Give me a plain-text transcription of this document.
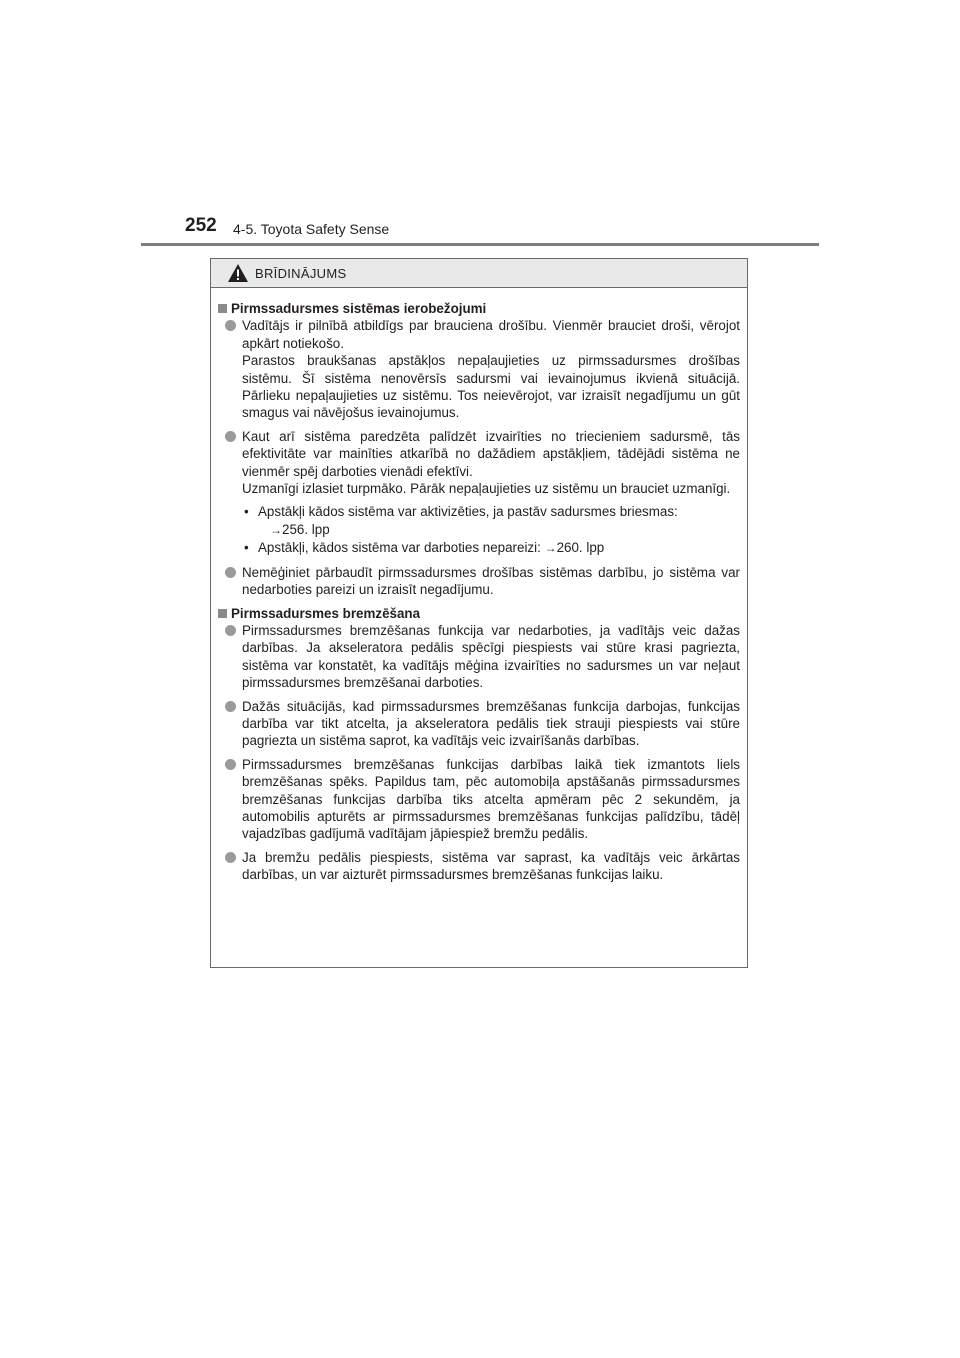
252 4-5. Toyota Safety Sense
BRĪDINĀJUMS
Pirmssadursmes sistēmas ierobežojumi

Vadītājs ir pilnībā atbildīgs par brauciena drošību. Vienmēr brauciet droši, vērojot apkārt notiekošo.

Parastos braukšanas apstākļos nepaļaujieties uz pirmssadursmes drošības sistēmu. Šī sistēma nenovērsīs sadursmi vai ievainojumus ikvienā situācijā. Pārlieku nepaļaujieties uz sistēmu. Tos neievērojot, var izraisīt negadījumu un gūt smagus vai nāvējošus ievainojumus.

Kaut arī sistēma paredzēta palīdzēt izvairīties no triecieniem sadursmē, tās efektivitāte var mainīties atkarībā no dažādiem apstākļiem, tādējādi sistēma ne vienmēr spēj darboties vienādi efektīvi.

Uzmanīgi izlasiet turpmāko. Pārāk nepaļaujieties uz sistēmu un brauciet uzmanīgi.

• Apstākļi kādos sistēma var aktivizēties, ja pastāv sadursmes briesmas:
→256. lpp
• Apstākļi, kādos sistēma var darboties nepareizi: →260. lpp

Nemēģiniet pārbaudīt pirmssadursmes drošības sistēmas darbību, jo sistēma var nedarboties pareizi un izraisīt negadījumu.

Pirmssadursmes bremzēšana

Pirmssadursmes bremzēšanas funkcija var nedarboties, ja vadītājs veic dažas darbības. Ja akseleratora pedālis spēcīgi piespiests vai stūre krasi pagriezta, sistēma var konstatēt, ka vadītājs mēģina izvairīties no sadursmes un var neļaut pirmssadursmes bremzēšanai darboties.

Dažās situācijās, kad pirmssadursmes bremzēšanas funkcija darbojas, funkcijas darbība var tikt atcelta, ja akseleratora pedālis tiek strauji piespiests vai stūre pagriezta un sistēma saprot, ka vadītājs veic izvairīšanās darbības.

Pirmssadursmes bremzēšanas funkcijas darbības laikā tiek izmantots liels bremzēšanas spēks. Papildus tam, pēc automobiļa apstāšanās pirmssadursmes bremzēšanas funkcijas darbība tiks atcelta apmēram pēc 2 sekundēm, ja automobilis apturēts ar pirmssadursmes bremzēšanas funkcijas palīdzību, tādēļ vajadzības gadījumā vadītājam jāpiespiež bremžu pedālis.

Ja bremžu pedālis piespiests, sistēma var saprast, ka vadītājs veic ārkārtas darbības, un var aizturēt pirmssadursmes bremzēšanas funkcijas laiku.
